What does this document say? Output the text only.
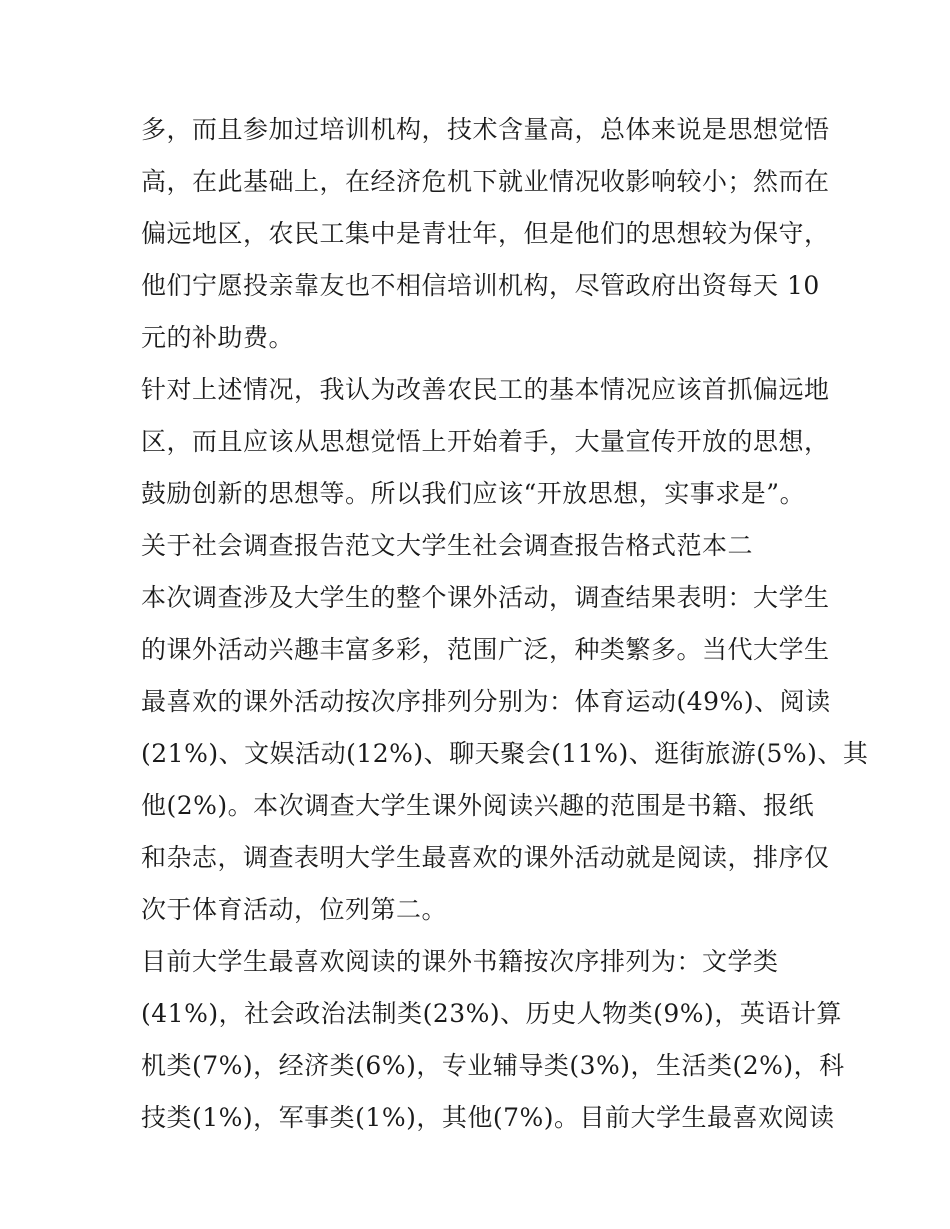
多，而且参加过培训机构，技术含量高，总体来说是思想觉悟
高，在此基础上，在经济危机下就业情况收影响较小；然而在
偏远地区，农民工集中是青壮年，但是他们的思想较为保守，
他们宁愿投亲靠友也不相信培训机构，尽管政府出资每天 10
元的补助费。
针对上述情况，我认为改善农民工的基本情况应该首抓偏远地
区，而且应该从思想觉悟上开始着手，大量宣传开放的思想，
鼓励创新的思想等。所以我们应该“开放思想，实事求是”。
关于社会调查报告范文大学生社会调查报告格式范本二
本次调查涉及大学生的整个课外活动，调查结果表明：大学生
的课外活动兴趣丰富多彩，范围广泛，种类繁多。当代大学生
最喜欢的课外活动按次序排列分别为：体育运动(49%)、阅读
(21%)、文娱活动(12%)、聊天聚会(11%)、逛街旅游(5%)、其
他(2%)。本次调查大学生课外阅读兴趣的范围是书籍、报纸
和杂志，调查表明大学生最喜欢的课外活动就是阅读，排序仅
次于体育活动，位列第二。
目前大学生最喜欢阅读的课外书籍按次序排列为：文学类
(41%)，社会政治法制类(23%)、历史人物类(9%)，英语计算
机类(7%)，经济类(6%)，专业辅导类(3%)，生活类(2%)，科
技类(1%)，军事类(1%)，其他(7%)。目前大学生最喜欢阅读
